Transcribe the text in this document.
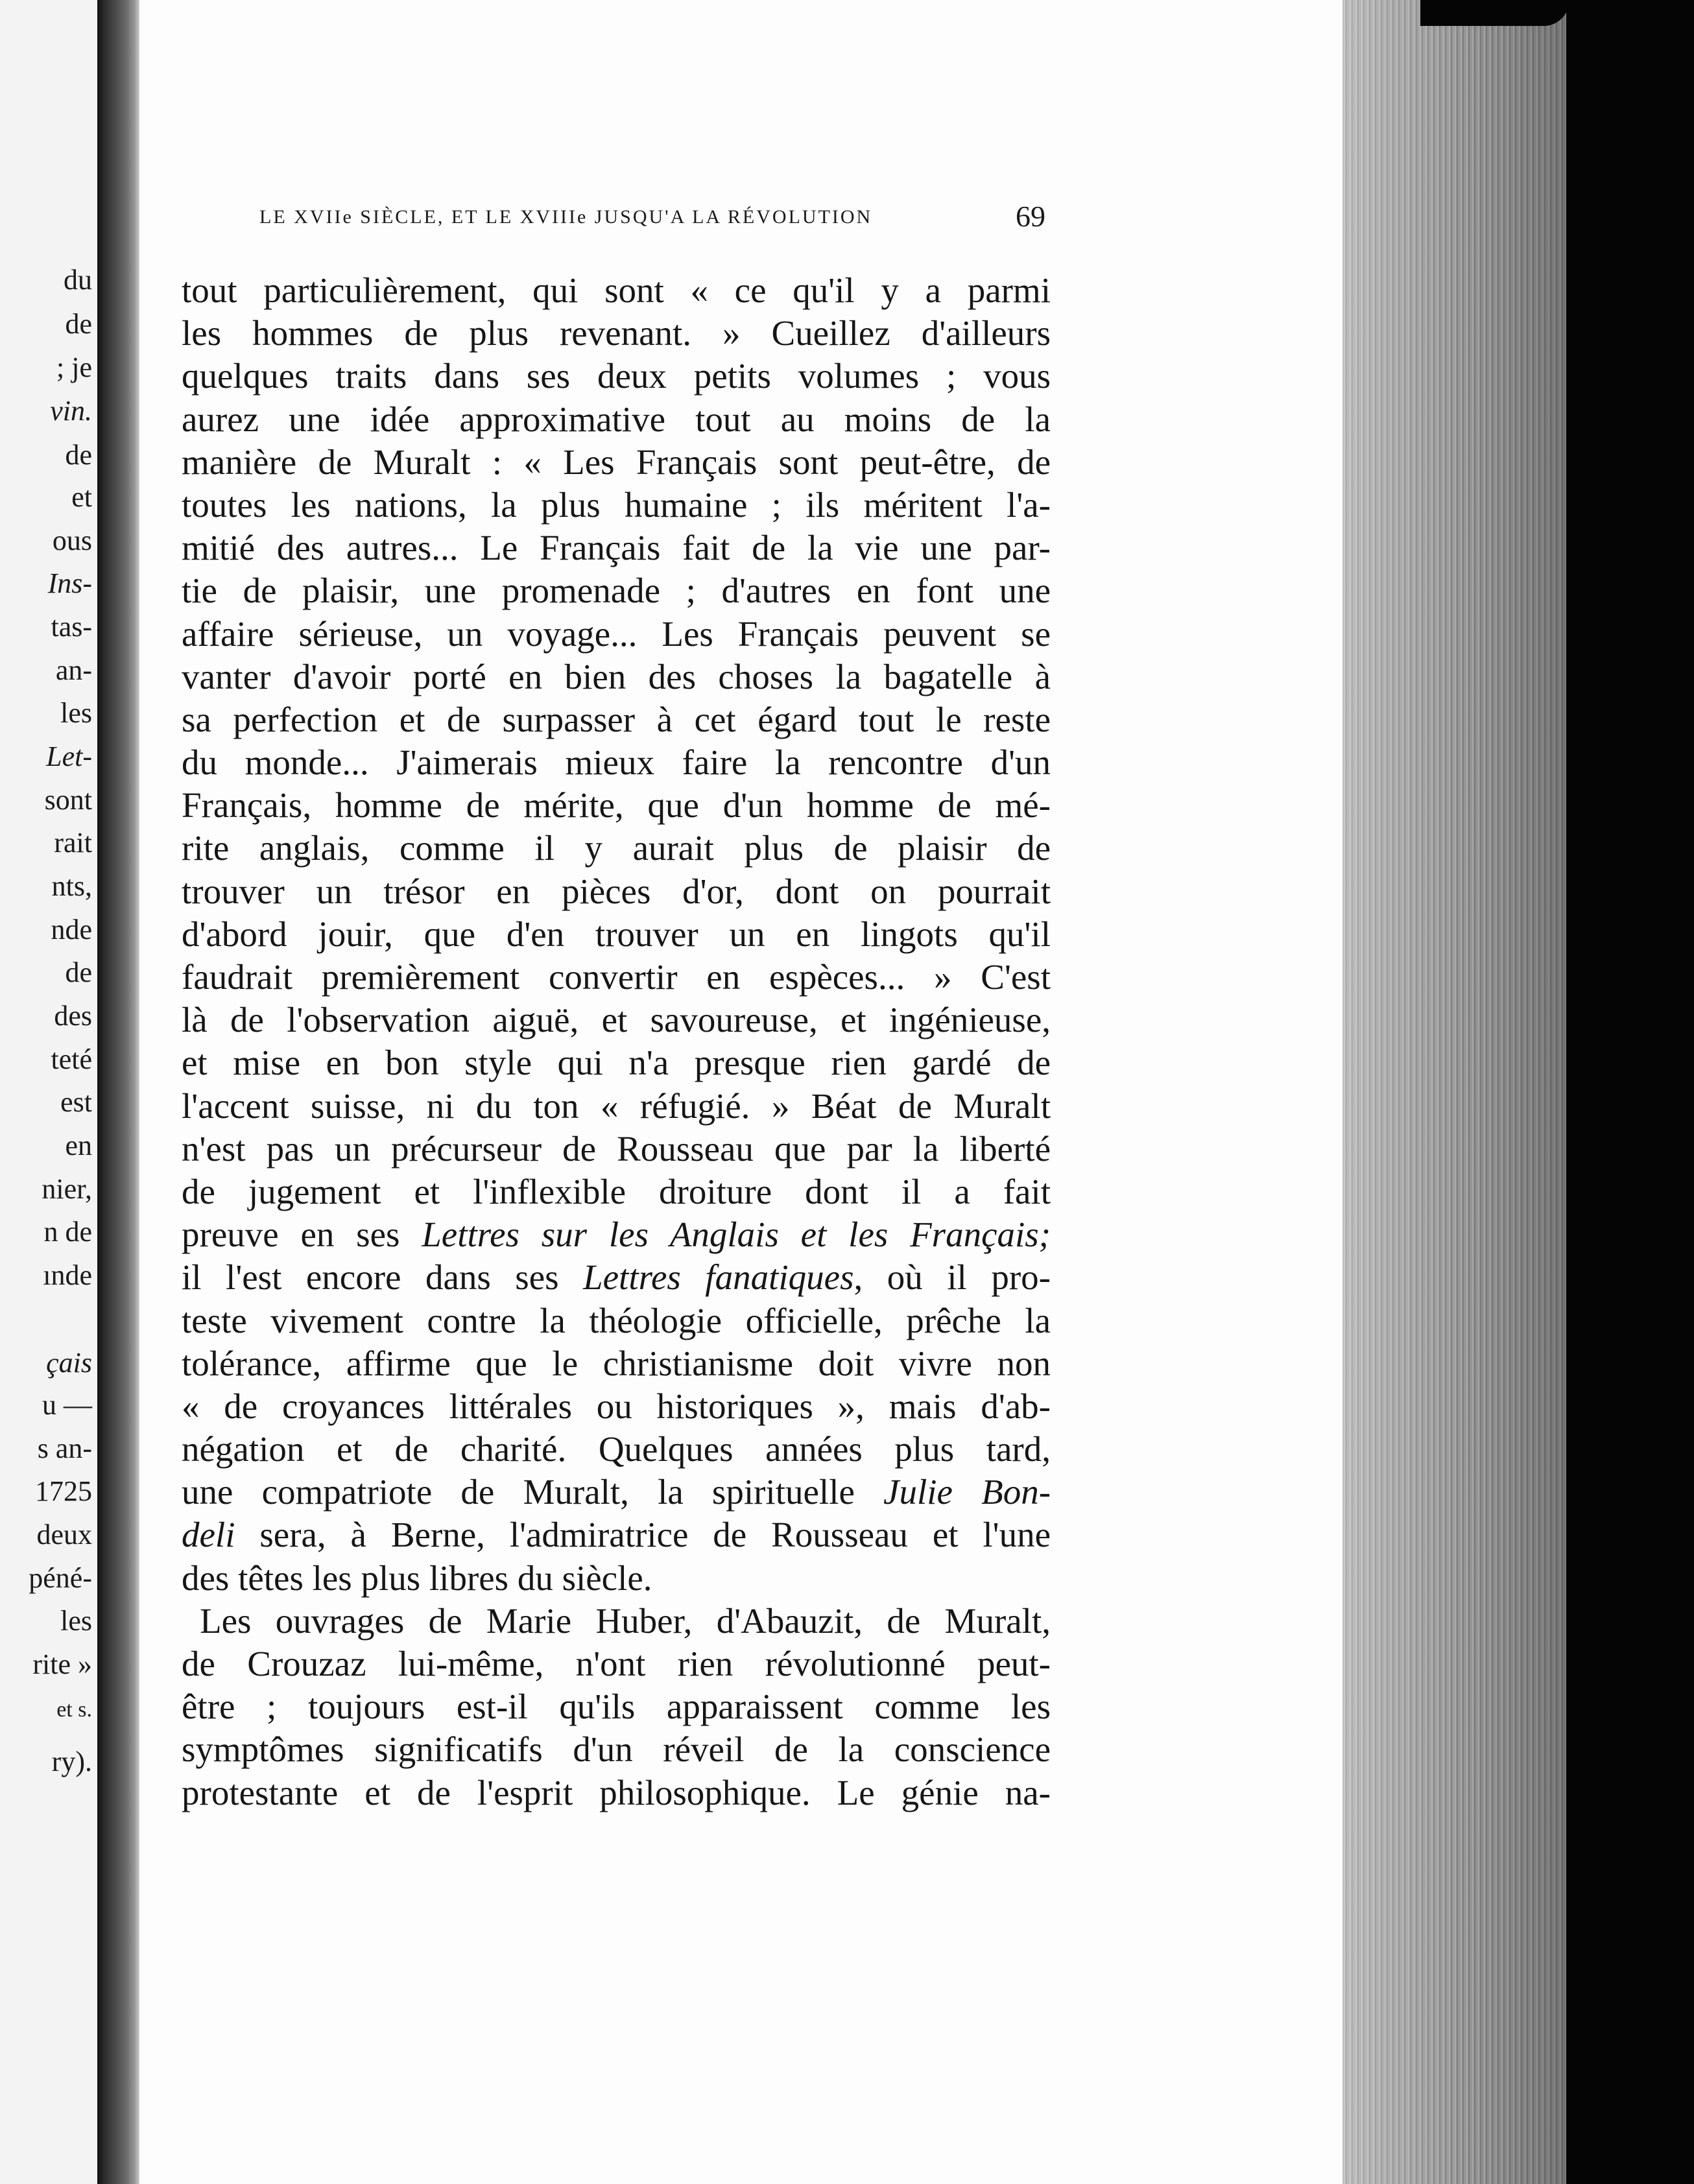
du
de
; je
vin.
de
et
ous
Ins-
tas-
an-
les
Let-
sont
rait
nts,
nde
de
des
teté
est
en
nier,
n de
ınde
çais
u —
s an-
1725
deux
péné-
les
rite »
et s.
ry).
LE XVIIe SIÈCLE, ET LE XVIIIe JUSQU'A LA RÉVOLUTION	69
tout particulièrement, qui sont « ce qu'il y a parmi
les hommes de plus revenant. » Cueillez d'ailleurs
quelques traits dans ses deux petits volumes ; vous
aurez une idée approximative tout au moins de la
manière de Muralt : « Les Français sont peut-être, de
toutes les nations, la plus humaine ; ils méritent l'a-
mitié des autres... Le Français fait de la vie une par-
tie de plaisir, une promenade ; d'autres en font une
affaire sérieuse, un voyage... Les Français peuvent se
vanter d'avoir porté en bien des choses la bagatelle à
sa perfection et de surpasser à cet égard tout le reste
du monde... J'aimerais mieux faire la rencontre d'un
Français, homme de mérite, que d'un homme de mé-
rite anglais, comme il y aurait plus de plaisir de
trouver un trésor en pièces d'or, dont on pourrait
d'abord jouir, que d'en trouver un en lingots qu'il
faudrait premièrement convertir en espèces... » C'est
là de l'observation aiguë, et savoureuse, et ingénieuse,
et mise en bon style qui n'a presque rien gardé de
l'accent suisse, ni du ton « réfugié. » Béat de Muralt
n'est pas un précurseur de Rousseau que par la liberté
de jugement et l'inflexible droiture dont il a fait
preuve en ses Lettres sur les Anglais et les Français;
il l'est encore dans ses Lettres fanatiques, où il pro-
teste vivement contre la théologie officielle, prêche la
tolérance, affirme que le christianisme doit vivre non
« de croyances littérales ou historiques », mais d'ab-
négation et de charité. Quelques années plus tard,
une compatriote de Muralt, la spirituelle Julie Bon-
deli sera, à Berne, l'admiratrice de Rousseau et l'une
des têtes les plus libres du siècle.
Les ouvrages de Marie Huber, d'Abauzit, de Muralt,
de Crouzaz lui-même, n'ont rien révolutionné peut-
être ; toujours est-il qu'ils apparaissent comme les
symptômes significatifs d'un réveil de la conscience
protestante et de l'esprit philosophique. Le génie na-
